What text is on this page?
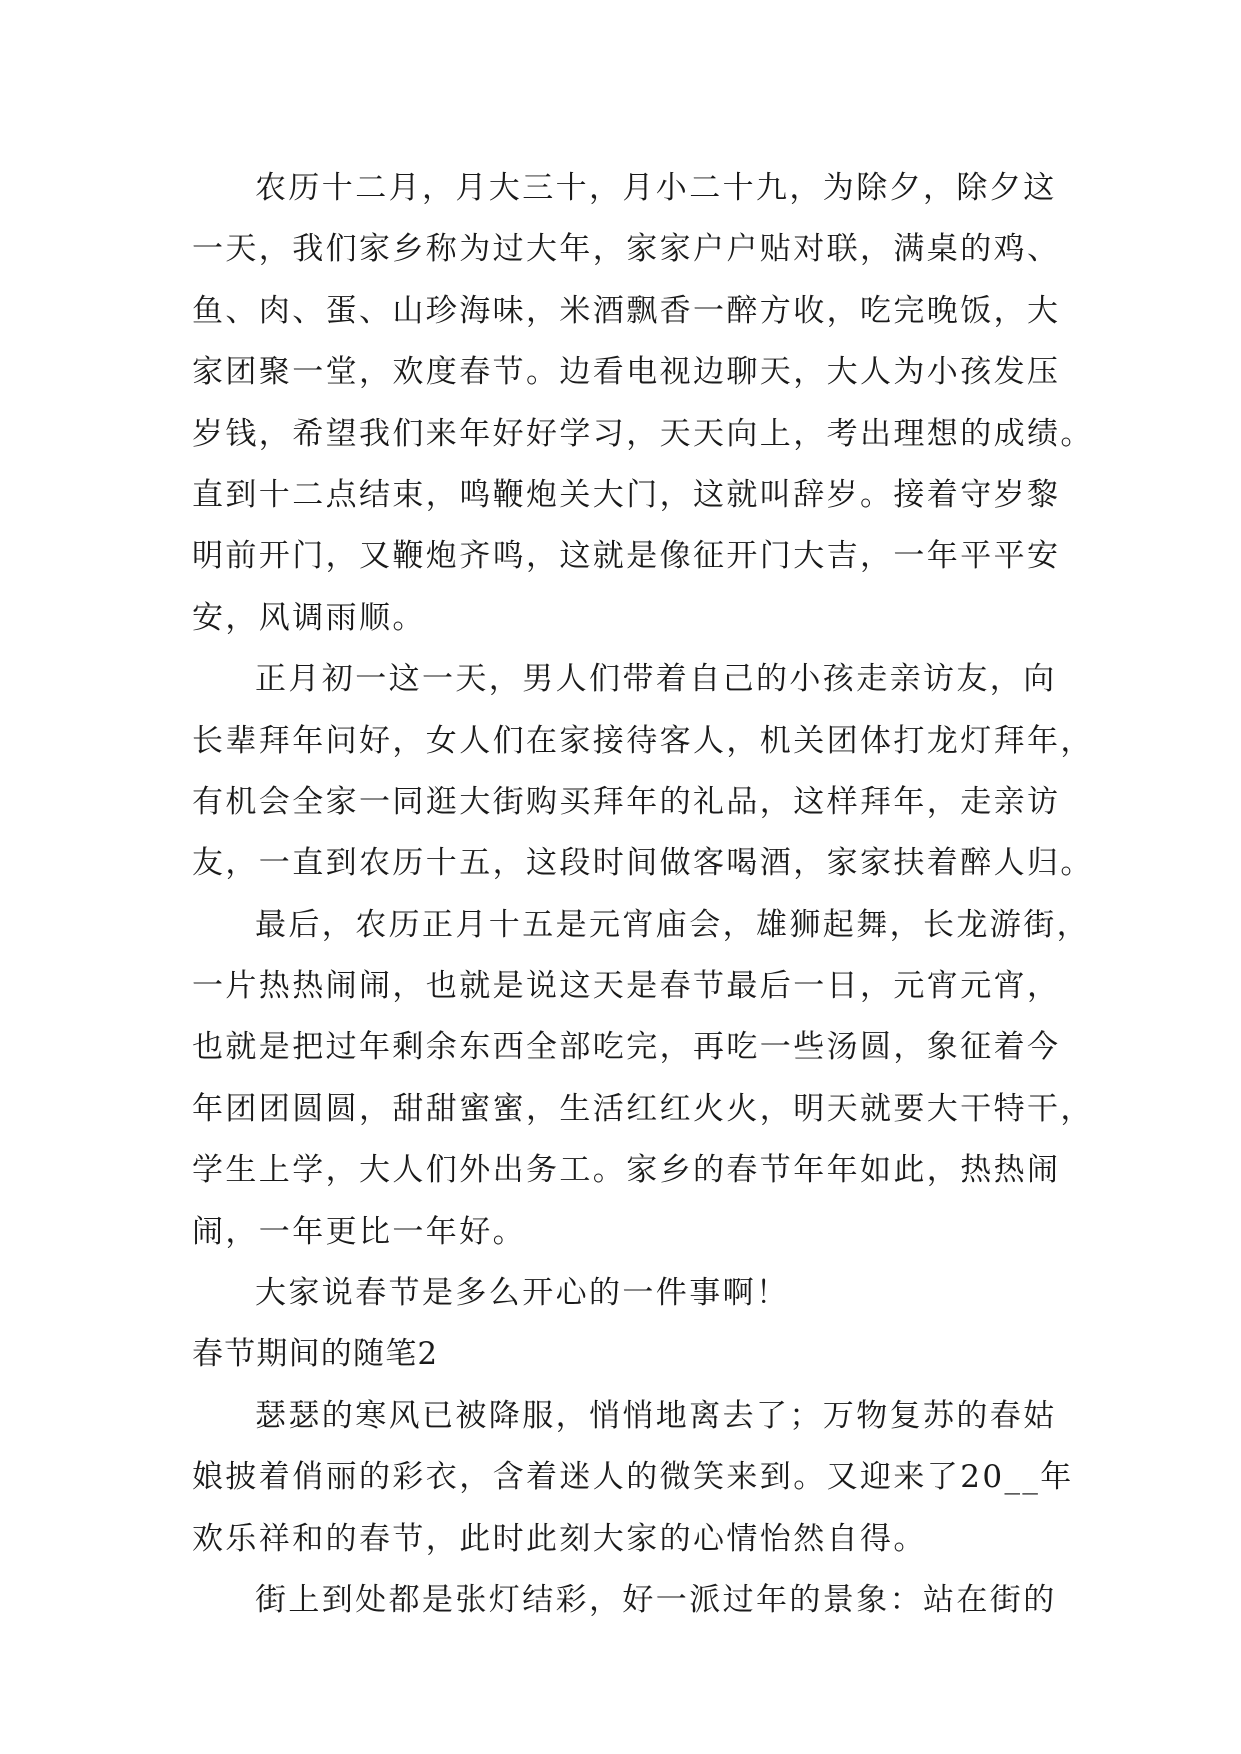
农历十二月，月大三十，月小二十九，为除夕，除夕这
一天，我们家乡称为过大年，家家户户贴对联，满桌的鸡、
鱼、肉、蛋、山珍海味，米酒飘香一醉方收，吃完晚饭，大
家团聚一堂，欢度春节。边看电视边聊天，大人为小孩发压
岁钱，希望我们来年好好学习，天天向上，考出理想的成绩。
直到十二点结束，鸣鞭炮关大门，这就叫辞岁。接着守岁黎
明前开门，又鞭炮齐鸣，这就是像征开门大吉，一年平平安
安，风调雨顺。
正月初一这一天，男人们带着自己的小孩走亲访友，向
长辈拜年问好，女人们在家接待客人，机关团体打龙灯拜年，
有机会全家一同逛大街购买拜年的礼品，这样拜年，走亲访
友，一直到农历十五，这段时间做客喝酒，家家扶着醉人归。
最后，农历正月十五是元宵庙会，雄狮起舞，长龙游街，
一片热热闹闹，也就是说这天是春节最后一日，元宵元宵，
也就是把过年剩余东西全部吃完，再吃一些汤圆，象征着今
年团团圆圆，甜甜蜜蜜，生活红红火火，明天就要大干特干，
学生上学，大人们外出务工。家乡的春节年年如此，热热闹
闹，一年更比一年好。
大家说春节是多么开心的一件事啊！
春节期间的随笔2
瑟瑟的寒风已被降服，悄悄地离去了；万物复苏的春姑
娘披着俏丽的彩衣，含着迷人的微笑来到。又迎来了20__年
欢乐祥和的春节，此时此刻大家的心情怡然自得。
街上到处都是张灯结彩，好一派过年的景象：站在街的
